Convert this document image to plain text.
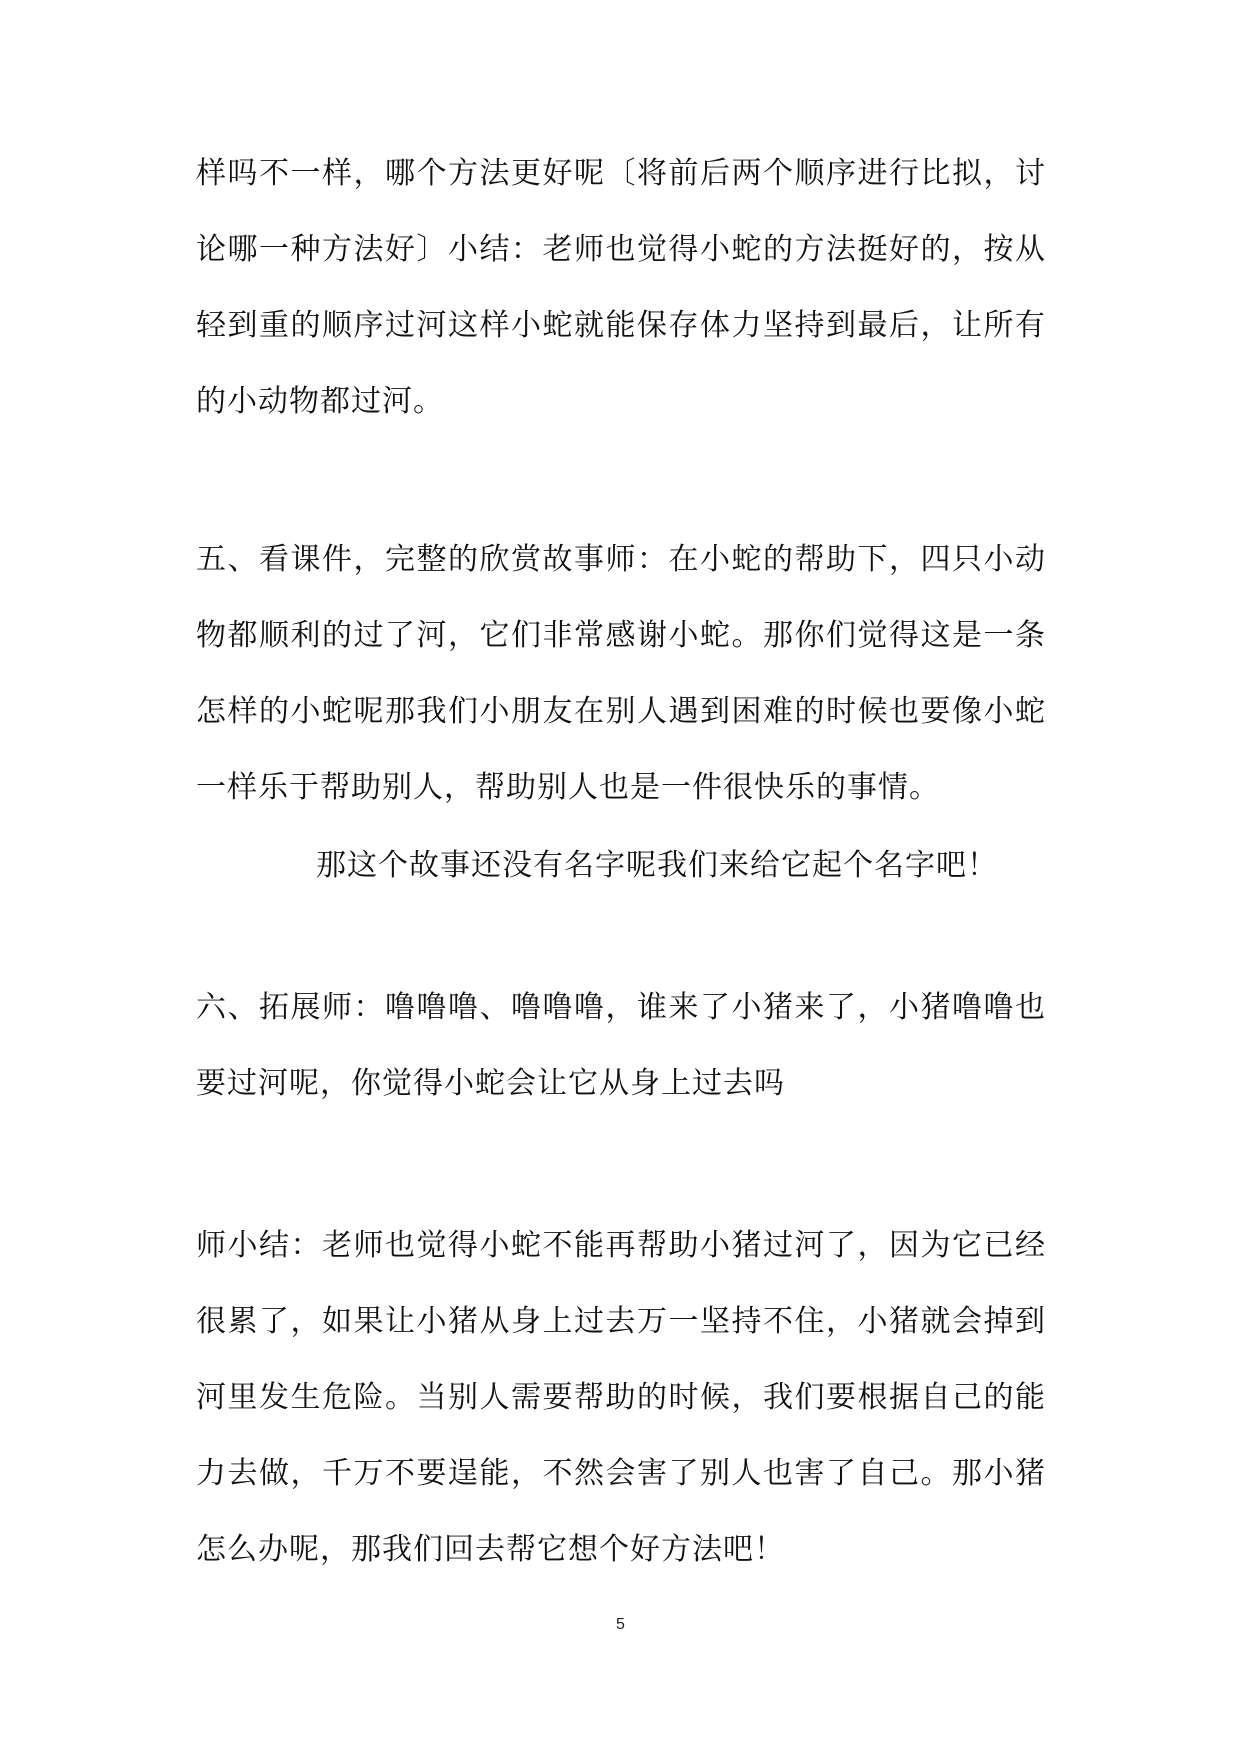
样吗不一样，哪个方法更好呢〔将前后两个顺序进行比拟，讨论哪一种方法好〕小结：老师也觉得小蛇的方法挺好的，按从轻到重的顺序过河这样小蛇就能保存体力坚持到最后，让所有的小动物都过河。

五、看课件，完整的欣赏故事师：在小蛇的帮助下，四只小动物都顺利的过了河，它们非常感谢小蛇。那你们觉得这是一条怎样的小蛇呢那我们小朋友在别人遇到困难的时候也要像小蛇一样乐于帮助别人，帮助别人也是一件很快乐的事情。

那这个故事还没有名字呢我们来给它起个名字吧！

六、拓展师：噜噜噜、噜噜噜，谁来了小猪来了，小猪噜噜也要过河呢，你觉得小蛇会让它从身上过去吗

师小结：老师也觉得小蛇不能再帮助小猪过河了，因为它已经很累了，如果让小猪从身上过去万一坚持不住，小猪就会掉到河里发生危险。当别人需要帮助的时候，我们要根据自己的能力去做，千万不要逞能，不然会害了别人也害了自己。那小猪怎么办呢，那我们回去帮它想个好方法吧！

5
